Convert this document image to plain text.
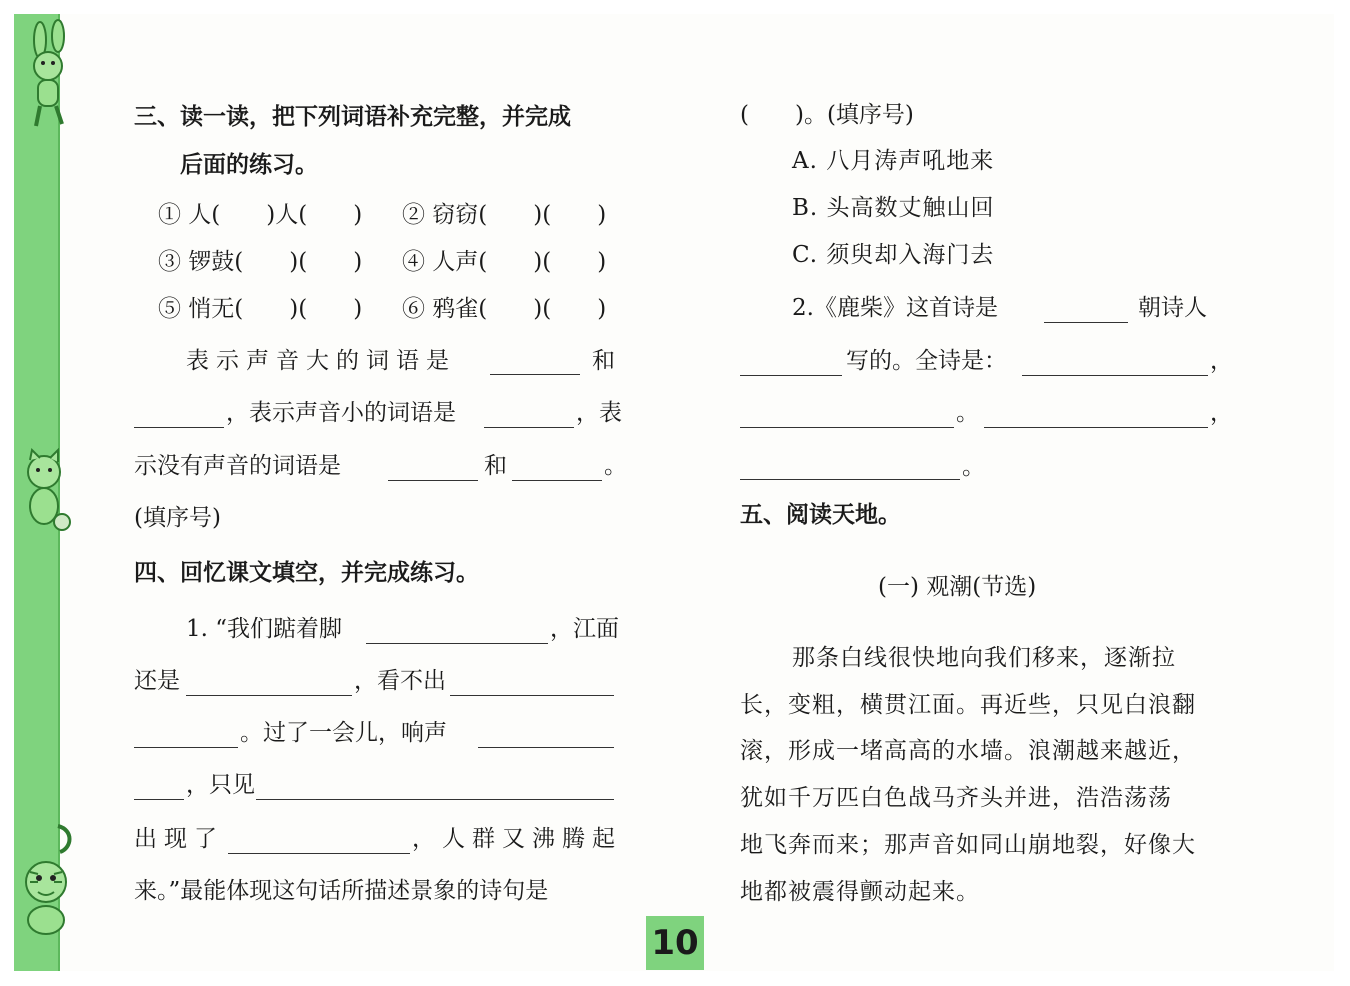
三、读一读，把下列词语补充完整，并完成
后面的练习。
① 人(　　)人(　　) ② 窃窃(　　)(　　)
③ 锣鼓(　　)(　　) ④ 人声(　　)(　　)
⑤ 悄无(　　)(　　) ⑥ 鸦雀(　　)(　　)
表示声音大的词语是	和
，表示声音小的词语是	，表
示没有声音的词语是	和	。
(填序号)
四、回忆课文填空，并完成练习。
1. “我们踮着脚	，江面
还是	，看不出
。过了一会儿，响声
，只见
出现了	，人群又沸腾起
来。”最能体现这句话所描述景象的诗句是
(　　)。(填序号)
A. 八月涛声吼地来
B. 头高数丈触山回
C. 须臾却入海门去
2.《鹿柴》这首诗是	朝诗人
写的。全诗是：	，
。	，
。
五、阅读天地。
(一) 观潮(节选)
那条白线很快地向我们移来，逐渐拉
长，变粗，横贯江面。再近些，只见白浪翻
滚，形成一堵高高的水墙。浪潮越来越近，
犹如千万匹白色战马齐头并进，浩浩荡荡
地飞奔而来；那声音如同山崩地裂，好像大
地都被震得颤动起来。
10
